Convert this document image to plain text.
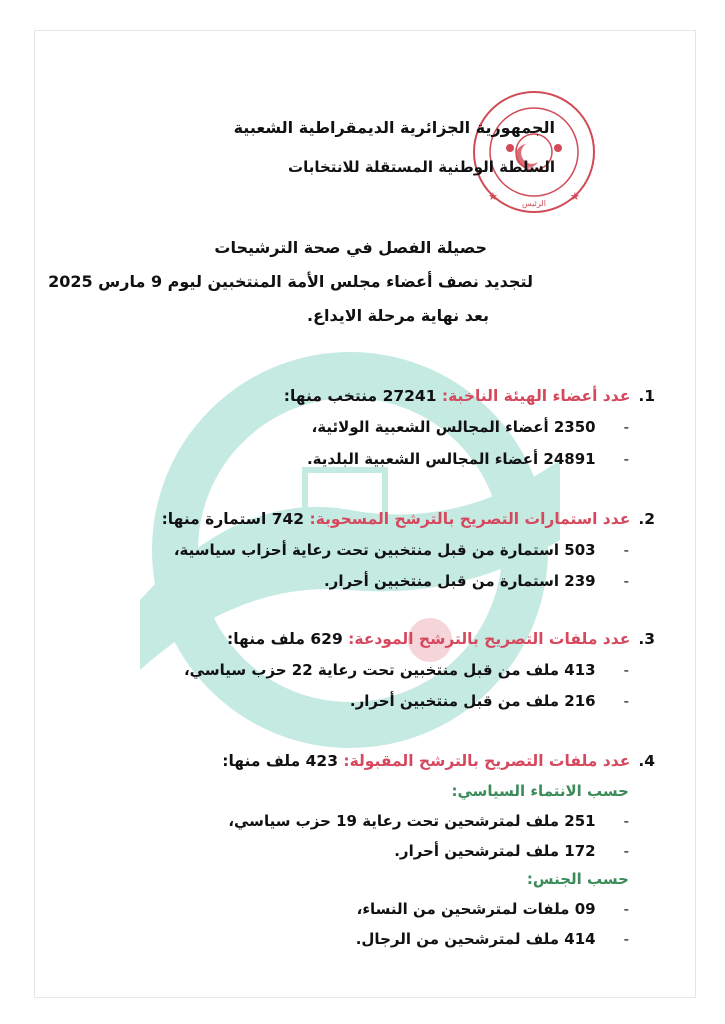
★	★
الرئيس
الجمهورية الجزائرية الديمقراطية الشعبية
السلطة الوطنية المستقلة للانتخابات
حصيلة الفصل في صحة الترشيحات
لتجديد نصف أعضاء مجلس الأمة المنتخبين ليوم 9 مارس 2025
بعد نهاية مرحلة الايداع.
1.عدد أعضاء الهيئة الناخبة: 27241 منتخب منها:
-2350 أعضاء المجالس الشعبية الولائية،
-24891 أعضاء المجالس الشعبية البلدية.
2.عدد استمارات التصريح بالترشح المسحوبة: 742 استمارة منها:
-503 استمارة من قبل منتخبين تحت رعاية أحزاب سياسية،
-239 استمارة من قبل منتخبين أحرار.
3.عدد ملفات التصريح بالترشح المودعة: 629 ملف منها:
-413 ملف من قبل منتخبين تحت رعاية 22 حزب سياسي،
-216 ملف من قبل منتخبين أحرار.
4.عدد ملفات التصريح بالترشح المقبولة: 423 ملف منها:
حسب الانتماء السياسي:
-251 ملف لمترشحين تحت رعاية 19 حزب سياسي،
-172 ملف لمترشحين أحرار.
حسب الجنس:
-09 ملفات لمترشحين من النساء،
-414 ملف لمترشحين من الرجال.
